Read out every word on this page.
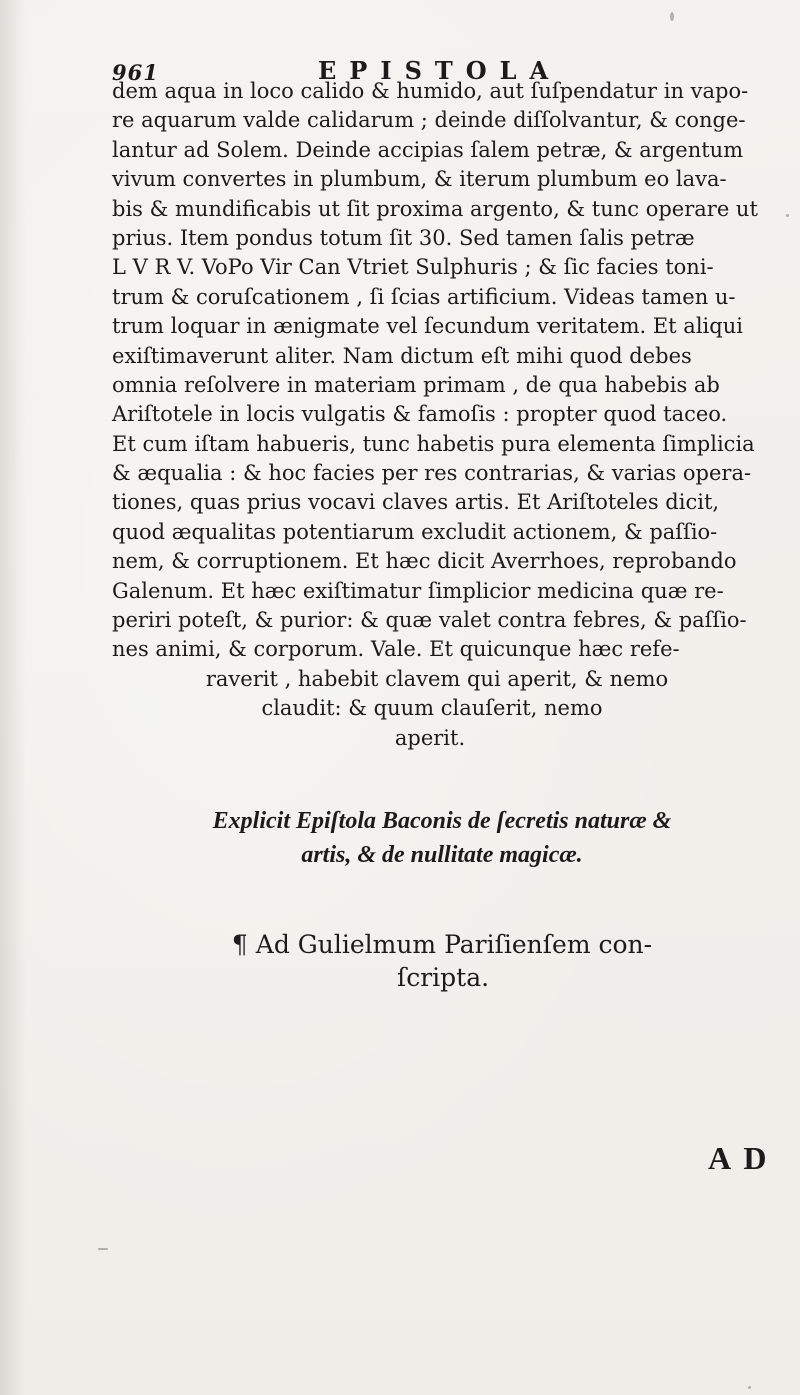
961	EPISTOLA
dem aqua in loco calido & humido, aut ſuſpendatur in vapo-
re aquarum valde calidarum ; deinde diſſolvantur, & conge-
lantur ad Solem. Deinde accipias ſalem petræ, & argentum
vivum convertes in plumbum, & iterum plumbum eo lava-
bis & mundificabis ut ſit proxima argento, & tunc operare ut
prius. Item pondus totum ſit 30. Sed tamen ſalis petræ
L V R V. VoPo Vir Can Vtriet Sulphuris ; & ſic facies toni-
trum & coruſcationem , ſi ſcias artificium. Videas tamen u-
trum loquar in ænigmate vel ſecundum veritatem. Et aliqui
exiſtimaverunt aliter. Nam dictum eſt mihi quod debes
omnia reſolvere in materiam primam , de qua habebis ab
Ariſtotele in locis vulgatis & famoſis : propter quod taceo.
Et cum iſtam habueris, tunc habetis pura elementa ſimplicia
& æqualia : & hoc facies per res contrarias, & varias opera-
tiones, quas prius vocavi claves artis. Et Ariſtoteles dicit,
quod æqualitas potentiarum excludit actionem, & paſſio-
nem, & corruptionem. Et hæc dicit Averrhoes, reprobando
Galenum. Et hæc exiſtimatur ſimplicior medicina quæ re-
periri poteſt, & purior: & quæ valet contra febres, & paſſio-
nes animi, & corporum. Vale. Et quicunque hæc refe-
raverit , habebit clavem qui aperit, & nemo
claudit: & quum clauſerit, nemo
aperit.
Explicit Epiſtola Baconis de ſecretis naturæ &
artis, & de nullitate magicæ.
¶ Ad Gulielmum Pariſienſem con-
ſcripta.
A D
